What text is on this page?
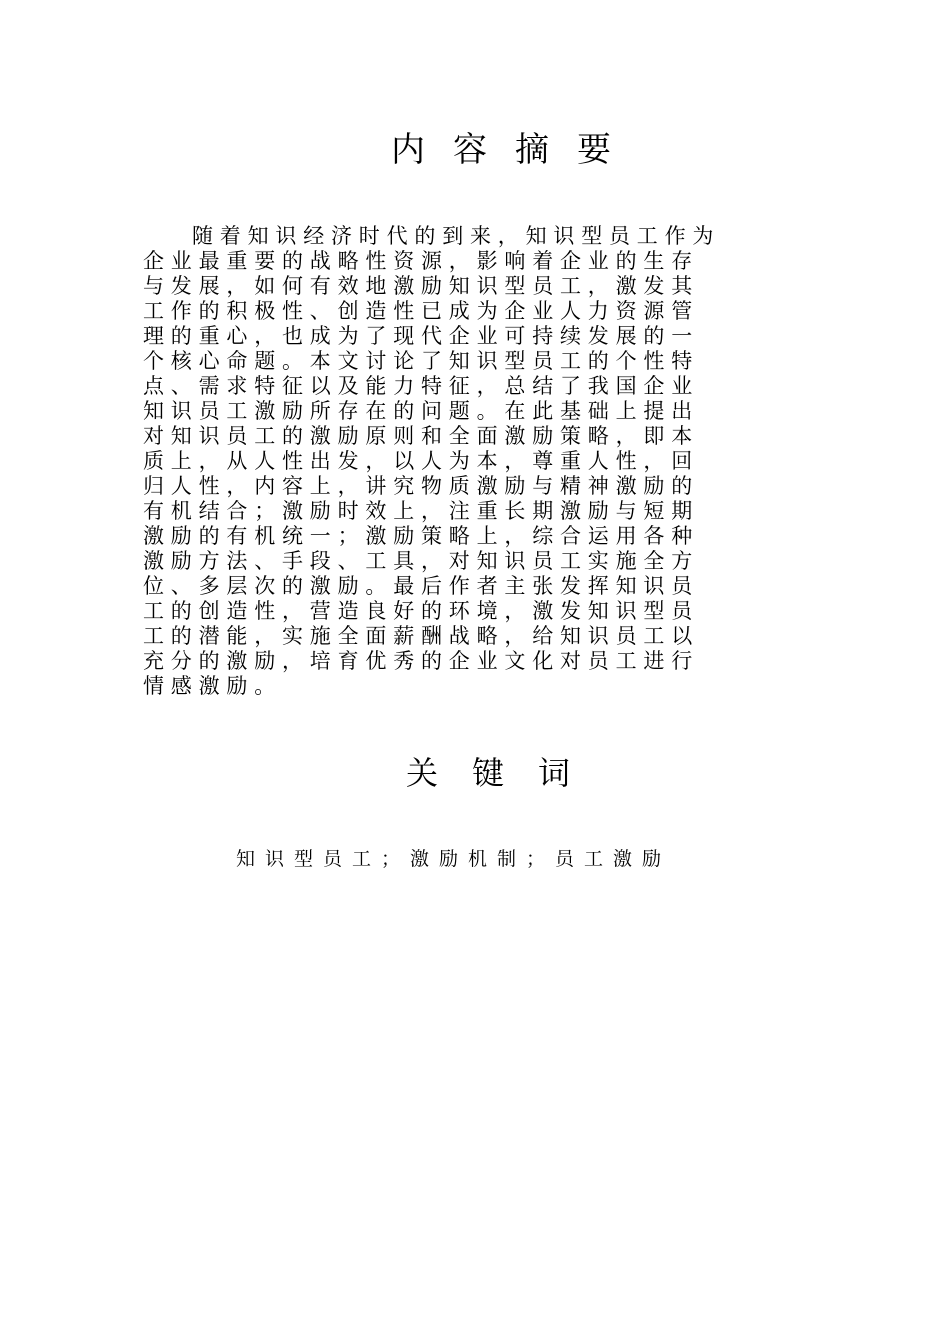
内容摘要
随着知识经济时代的到来，知识型员工作为
企业最重要的战略性资源，影响着企业的生存
与发展，如何有效地激励知识型员工，激发其
工作的积极性、创造性已成为企业人力资源管
理的重心，也成为了现代企业可持续发展的一
个核心命题。本文讨论了知识型员工的个性特
点、需求特征以及能力特征，总结了我国企业
知识员工激励所存在的问题。在此基础上提出
对知识员工的激励原则和全面激励策略，即本
质上，从人性出发，以人为本，尊重人性，回
归人性，内容上，讲究物质激励与精神激励的
有机结合；激励时效上，注重长期激励与短期
激励的有机统一；激励策略上，综合运用各种
激励方法、手段、工具，对知识员工实施全方
位、多层次的激励。最后作者主张发挥知识员
工的创造性，营造良好的环境，激发知识型员
工的潜能，实施全面薪酬战略，给知识员工以
充分的激励，培育优秀的企业文化对员工进行
情感激励。
关键词
知识型员工；激励机制；员工激励
